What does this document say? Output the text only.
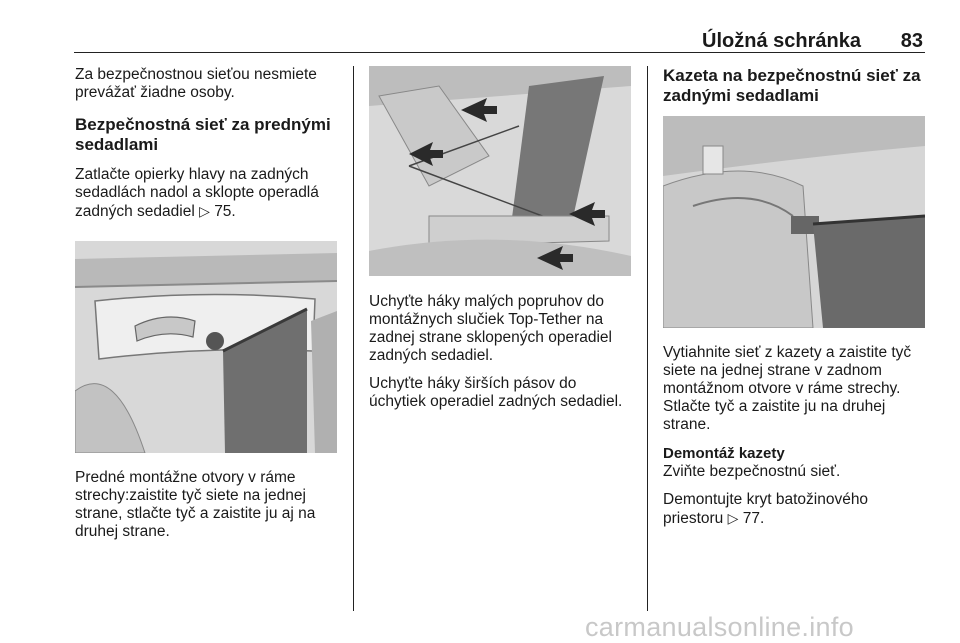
Úložná schránka 83

Za bezpečnostnou sieťou nesmiete prevážať žiadne osoby.

Bezpečnostná sieť za prednými sedadlami

Zatlačte opierky hlavy na zadných sedadlách nadol a sklopte operadlá zadných sedadiel ▷ 75.

Predné montážne otvory v ráme strechy:zaistite tyč siete na jednej strane, stlačte tyč a zaistite ju aj na druhej strane.

Uchyťte háky malých popruhov do montážnych slučiek Top-Tether na zadnej strane sklopených operadiel zadných sedadiel.

Uchyťte háky širších pásov do úchytiek operadiel zadných sedadiel.

Kazeta na bezpečnostnú sieť za zadnými sedadlami

Vytiahnite sieť z kazety a zaistite tyč siete na jednej strane v zadnom montážnom otvore v ráme strechy. Stlačte tyč a zaistite ju na druhej strane.

Demontáž kazety

Zviňte bezpečnostnú sieť.

Demontujte kryt batožinového priestoru ▷ 77.

carmanualsonline.info
